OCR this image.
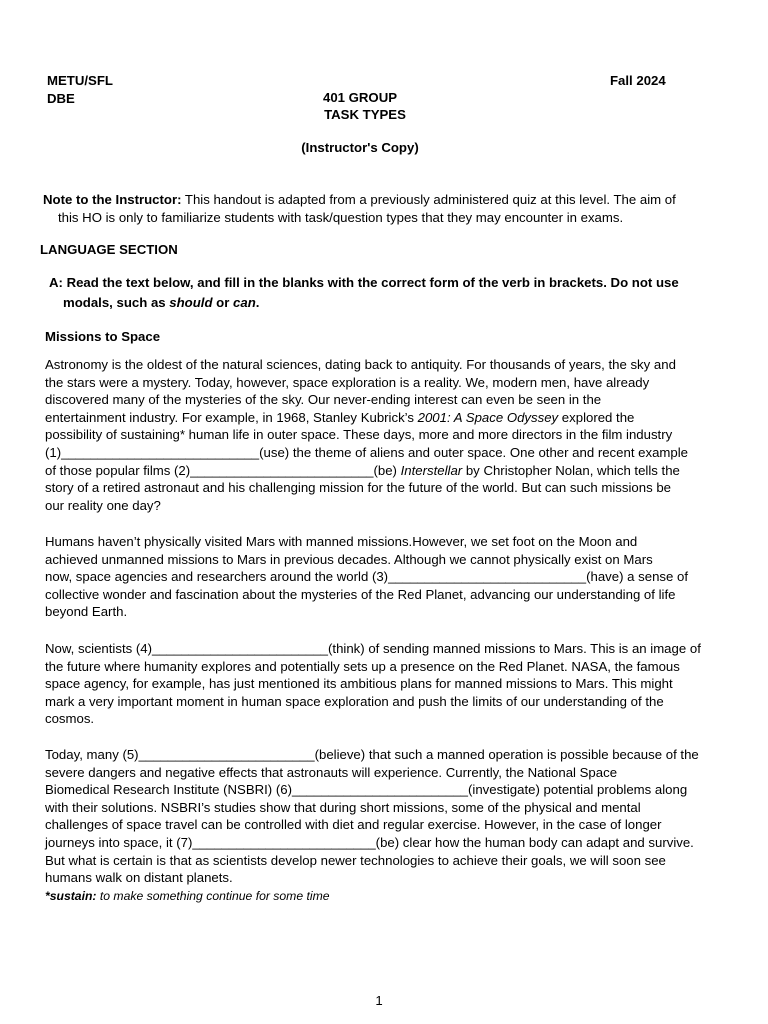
METU/SFL
DBE
Fall 2024
401 GROUP
TASK TYPES
(Instructor's Copy)
Note to the Instructor: This handout is adapted from a previously administered quiz at this level. The aim of
this HO is only to familiarize students with task/question types that they may encounter in exams.
LANGUAGE SECTION
A: Read the text below, and fill in the blanks with the correct form of the verb in brackets. Do not use
modals, such as should or can.
Missions to Space
Astronomy is the oldest of the natural sciences, dating back to antiquity. For thousands of years, the sky and
the stars were a mystery. Today, however, space exploration is a reality. We, modern men, have already
discovered many of the mysteries of the sky. Our never-ending interest can even be seen in the
entertainment industry. For example, in 1968, Stanley Kubrick’s 2001: A Space Odyssey explored the
possibility of sustaining* human life in outer space. These days, more and more directors in the film industry
(1)___________________________(use) the theme of aliens and outer space. One other and recent example
of those popular films (2)_________________________(be) Interstellar by Christopher Nolan, which tells the
story of a retired astronaut and his challenging mission for the future of the world. But can such missions be
our reality one day?
Humans haven’t physically visited Mars with manned missions.However, we set foot on the Moon and
achieved unmanned missions to Mars in previous decades. Although we cannot physically exist on Mars
now, space agencies and researchers around the world (3)___________________________(have) a sense of
collective wonder and fascination about the mysteries of the Red Planet, advancing our understanding of life
beyond Earth.
Now, scientists (4)________________________(think) of sending manned missions to Mars. This is an image of
the future where humanity explores and potentially sets up a presence on the Red Planet. NASA, the famous
space agency, for example, has just mentioned its ambitious plans for manned missions to Mars. This might
mark a very important moment in human space exploration and push the limits of our understanding of the
cosmos.
Today, many (5)________________________(believe) that such a manned operation is possible because of the
severe dangers and negative effects that astronauts will experience. Currently, the National Space
Biomedical Research Institute (NSBRI) (6)________________________(investigate) potential problems along
with their solutions. NSBRI’s studies show that during short missions, some of the physical and mental
challenges of space travel can be controlled with diet and regular exercise. However, in the case of longer
journeys into space, it (7)_________________________(be) clear how the human body can adapt and survive.
But what is certain is that as scientists develop newer technologies to achieve their goals, we will soon see
humans walk on distant planets.
*sustain: to make something continue for some time
1
